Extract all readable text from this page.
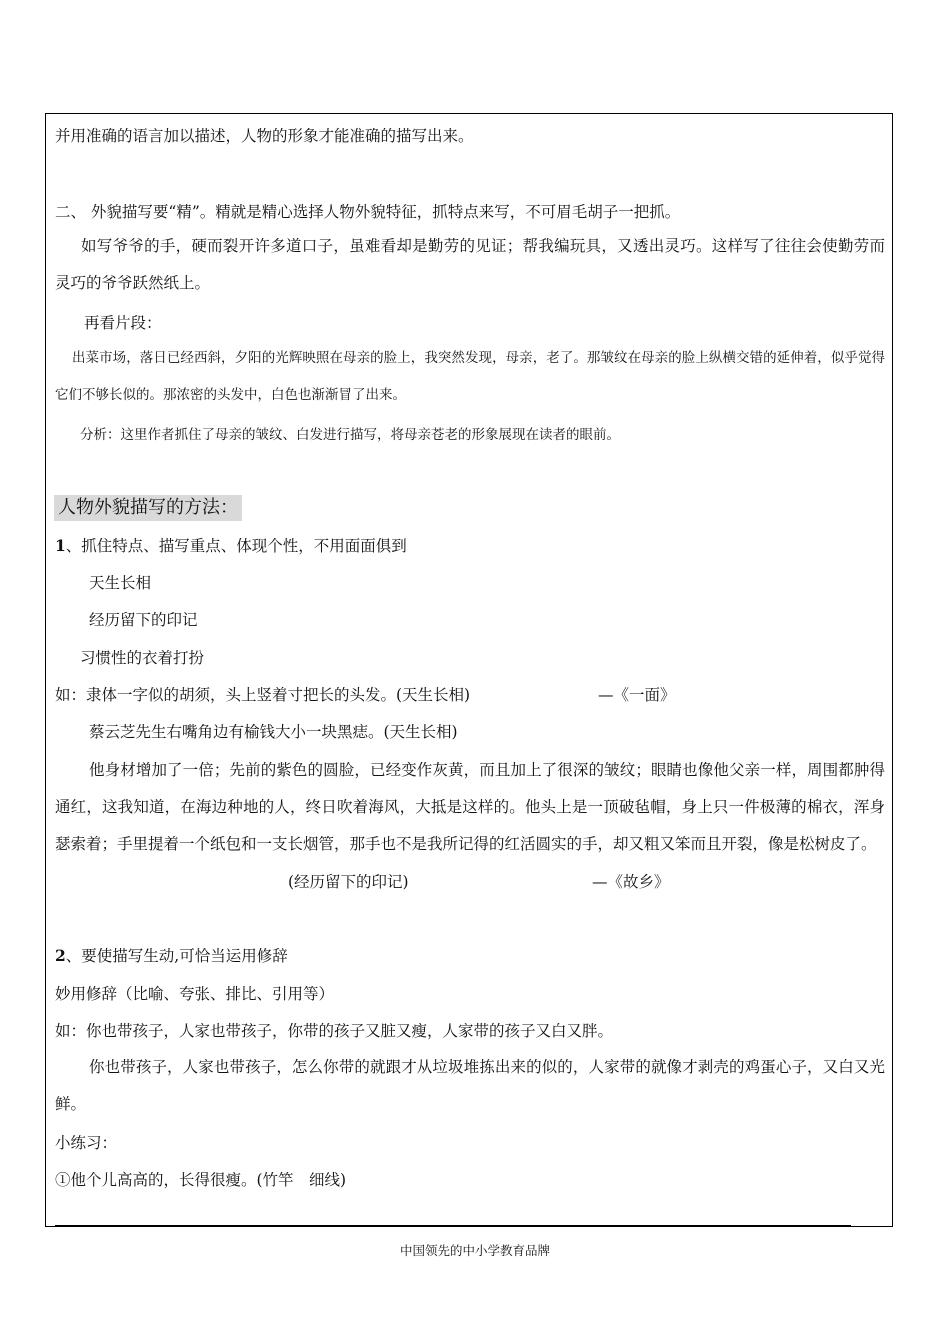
并用准确的语言加以描述，人物的形象才能准确的描写出来。
二、 外貌描写要“精”。精就是精心选择人物外貌特征，抓特点来写，不可眉毛胡子一把抓。
如写爷爷的手，硬而裂开许多道口子，虽难看却是勤劳的见证；帮我编玩具，又透出灵巧。这样写了往往会使勤劳而灵巧的爷爷跃然纸上。
再看片段：
出菜市场，落日已经西斜，夕阳的光辉映照在母亲的脸上，我突然发现，母亲，老了。那皱纹在母亲的脸上纵横交错的延伸着，似乎觉得它们不够长似的。那浓密的头发中，白色也渐渐冒了出来。
分析：这里作者抓住了母亲的皱纹、白发进行描写，将母亲苍老的形象展现在读者的眼前。
人物外貌描写的方法：
1、抓住特点、描写重点、体现个性，不用面面俱到
天生长相
经历留下的印记
习惯性的衣着打扮
如：隶体一字似的胡须，头上竖着寸把长的头发。(天生长相)	—《一面》
蔡云芝先生右嘴角边有榆钱大小一块黑痣。(天生长相)
他身材增加了一倍；先前的紫色的圆脸，已经变作灰黄，而且加上了很深的皱纹；眼睛也像他父亲一样，周围都肿得通红，这我知道，在海边种地的人，终日吹着海风，大抵是这样的。他头上是一顶破毡帽，身上只一件极薄的棉衣，浑身瑟索着；手里提着一个纸包和一支长烟管，那手也不是我所记得的红活圆实的手，却又粗又笨而且开裂，像是松树皮了。
(经历留下的印记)	—《故乡》
2、要使描写生动,可恰当运用修辞
妙用修辞（比喻、夸张、排比、引用等）
如：你也带孩子，人家也带孩子，你带的孩子又脏又瘦，人家带的孩子又白又胖。
你也带孩子，人家也带孩子，怎么你带的就跟才从垃圾堆拣出来的似的，人家带的就像才剥壳的鸡蛋心子，又白又光鲜。
小练习：
①他个儿高高的，长得很瘦。(竹竿　细线)
中国领先的中小学教育品牌
